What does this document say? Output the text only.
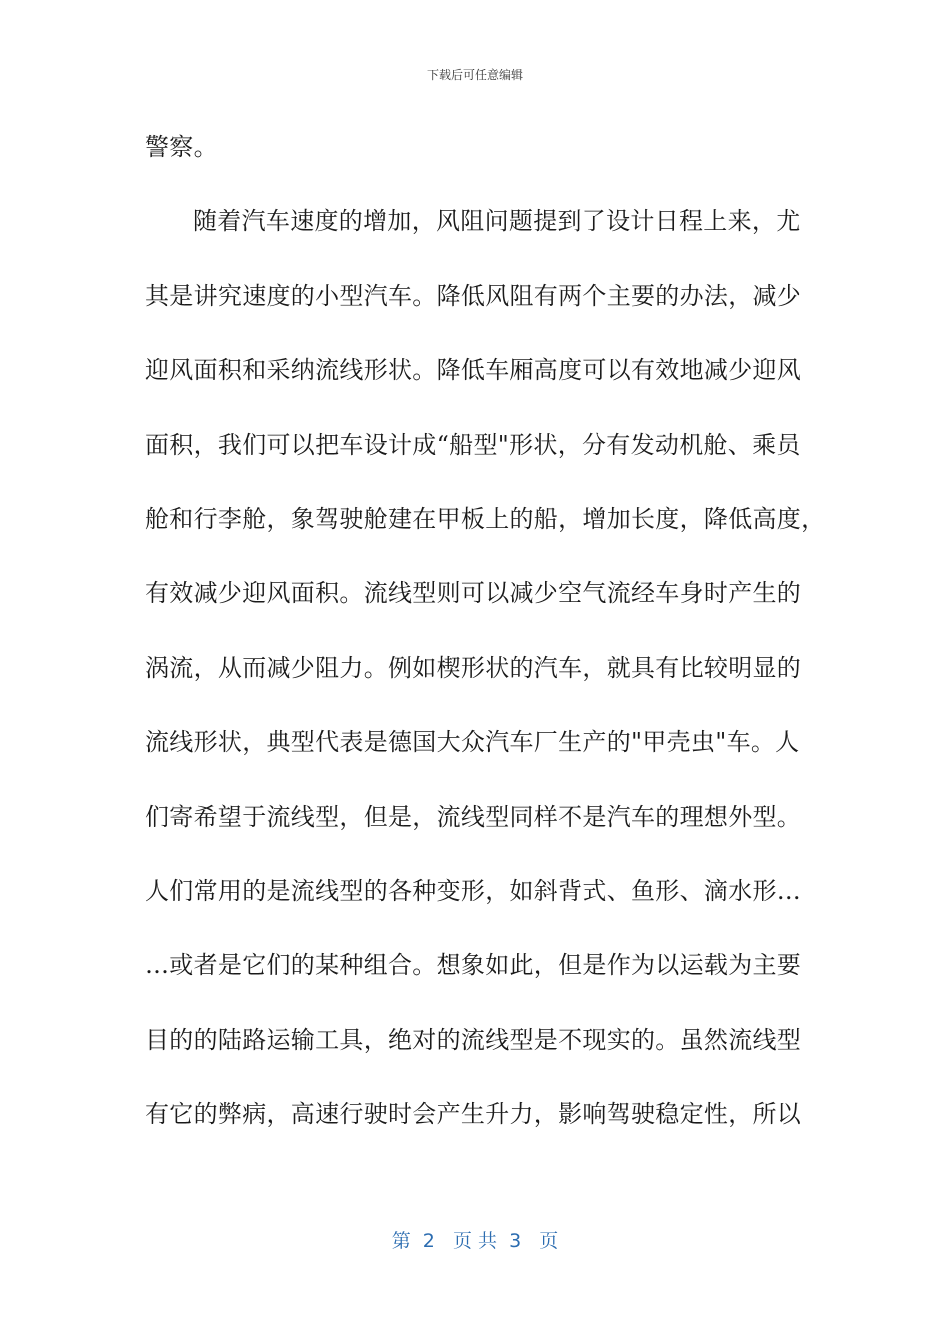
下载后可任意编辑
警察。
随着汽车速度的增加，风阻问题提到了设计日程上来，尤
其是讲究速度的小型汽车。降低风阻有两个主要的办法，减少
迎风面积和采纳流线形状。降低车厢高度可以有效地减少迎风
面积，我们可以把车设计成“船型"形状，分有发动机舱、乘员
舱和行李舱，象驾驶舱建在甲板上的船，增加长度，降低高度，
有效减少迎风面积。流线型则可以减少空气流经车身时产生的
涡流，从而减少阻力。例如楔形状的汽车，就具有比较明显的
流线形状，典型代表是德国大众汽车厂生产的"甲壳虫"车。人
们寄希望于流线型，但是，流线型同样不是汽车的理想外型。
人们常用的是流线型的各种变形，如斜背式、鱼形、滴水形…
…或者是它们的某种组合。想象如此，但是作为以运载为主要
目的的陆路运输工具，绝对的流线型是不现实的。虽然流线型
有它的弊病，高速行驶时会产生升力，影响驾驶稳定性，所以
第  2   页 共  3   页
